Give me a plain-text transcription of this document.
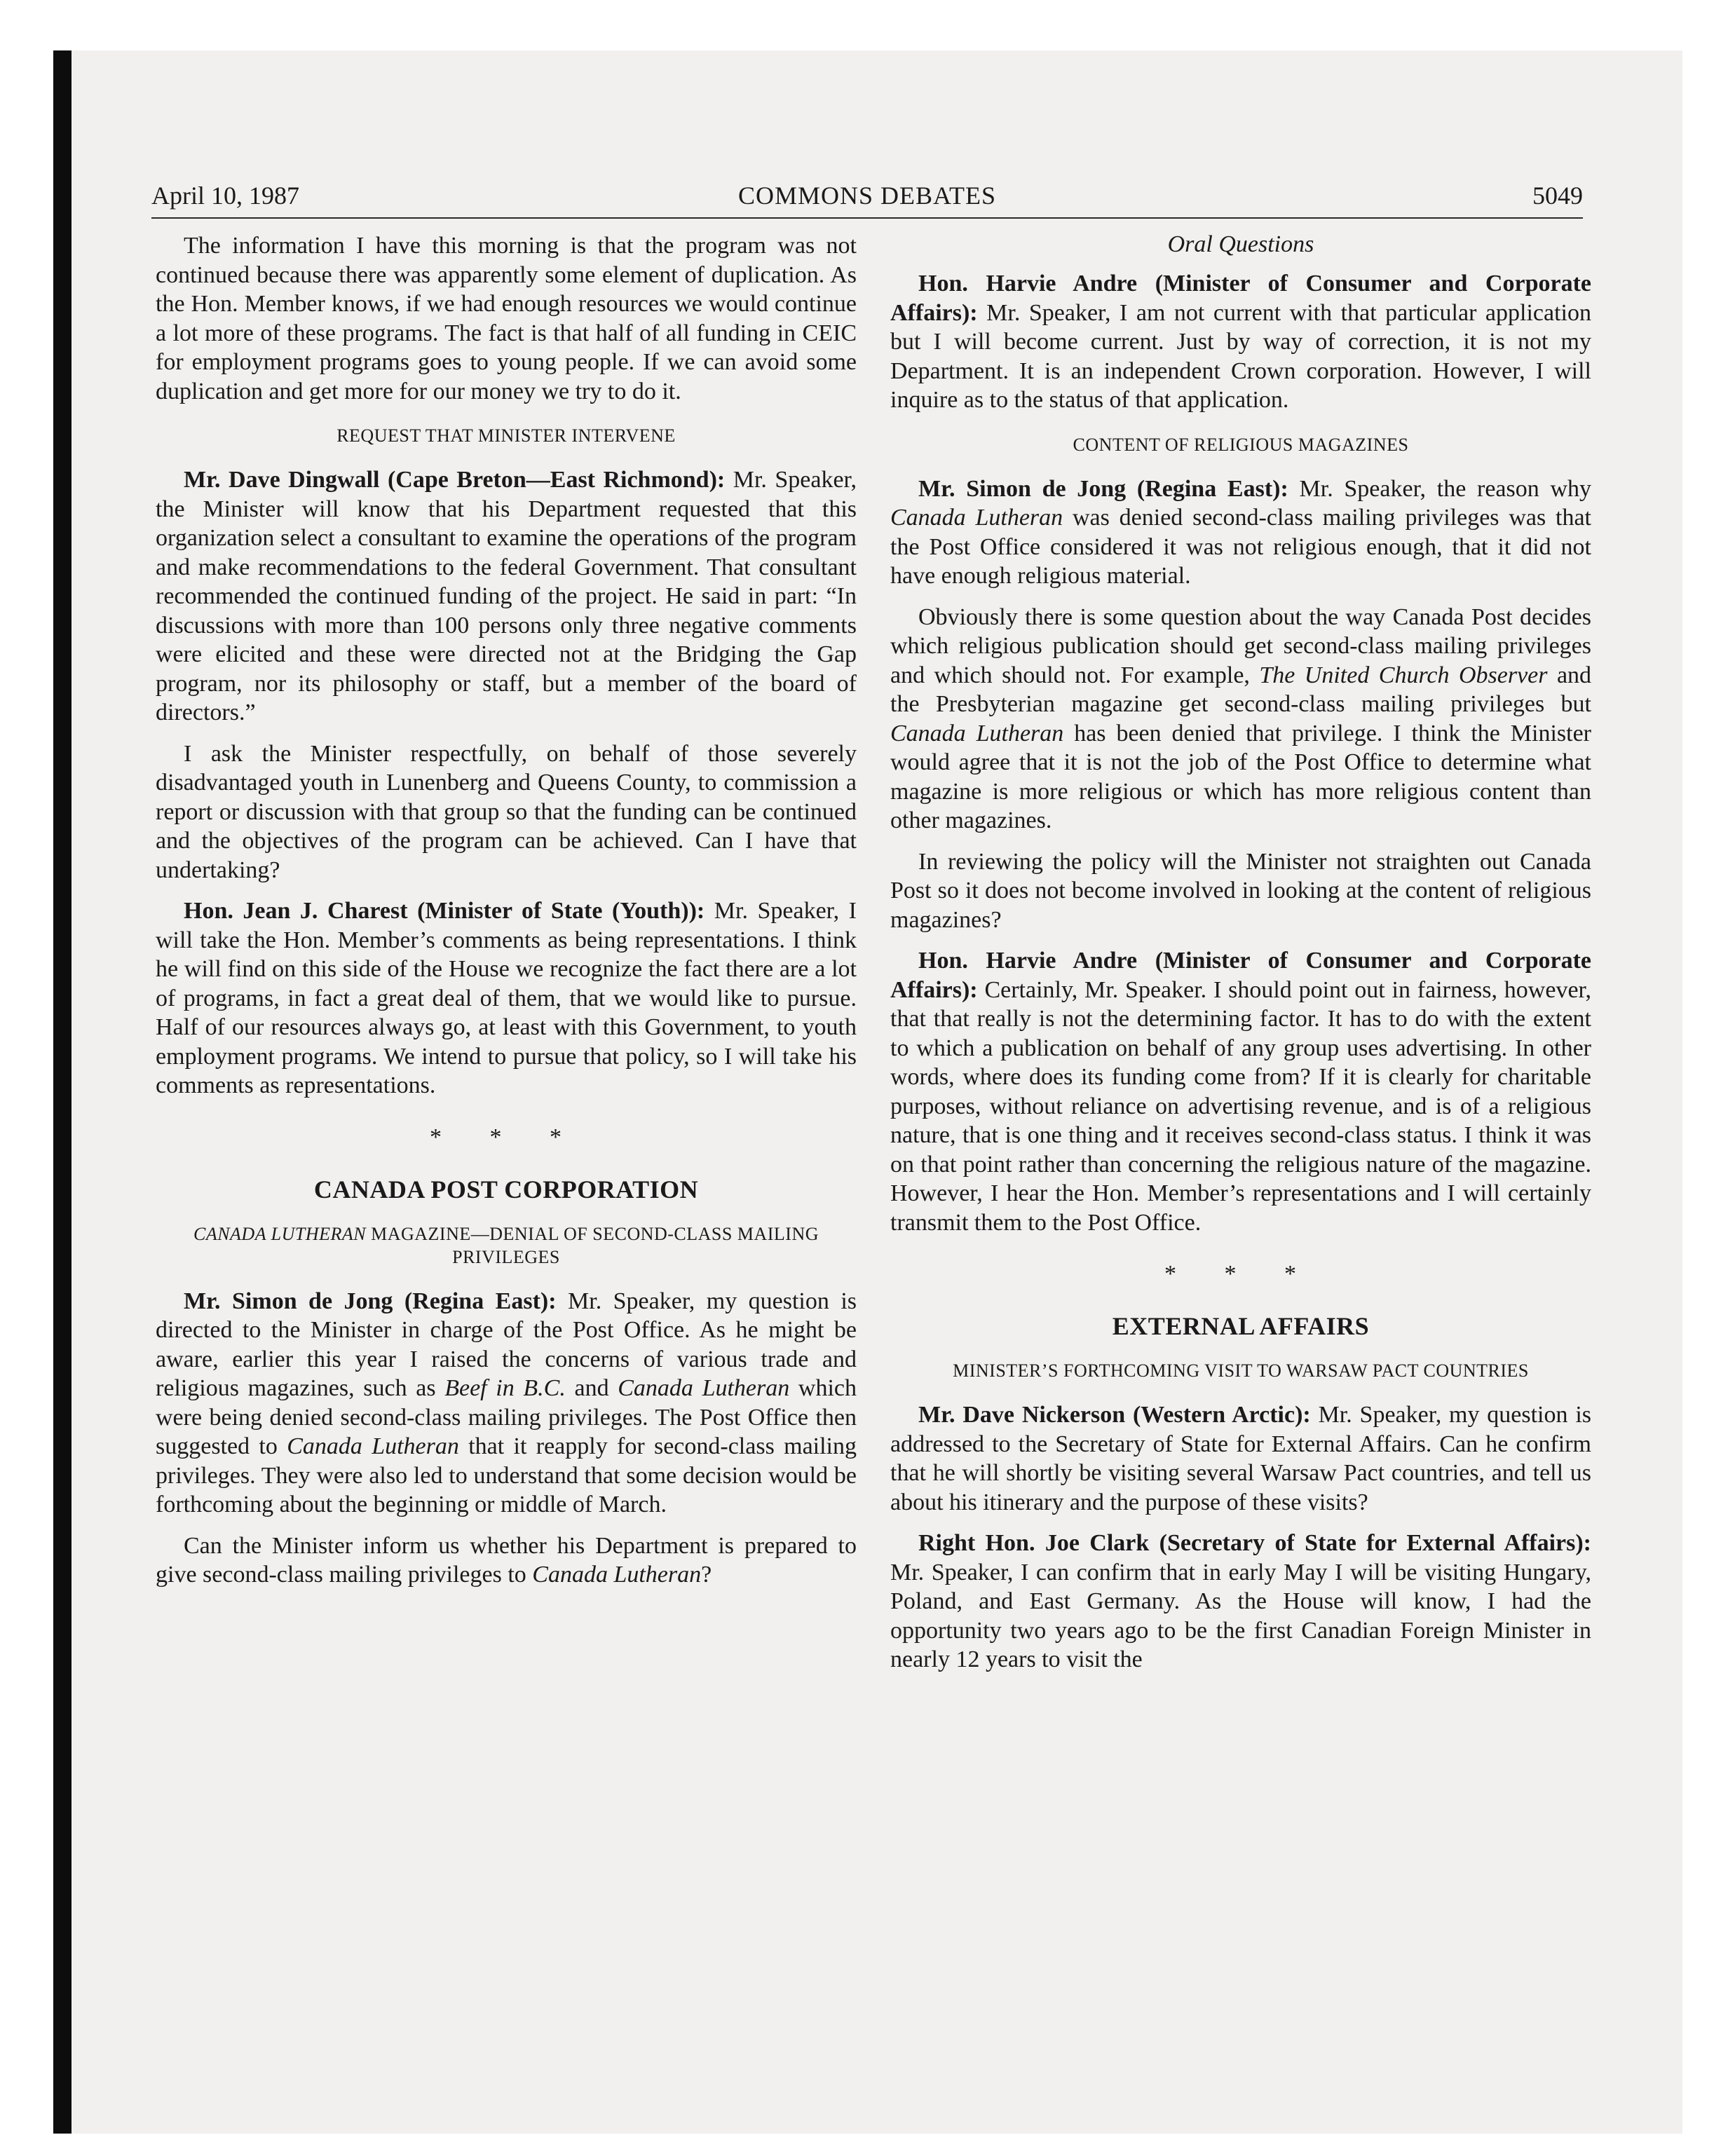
April 10, 1987	COMMONS DEBATES	5049

The information I have this morning is that the program was not continued because there was apparently some element of duplication. As the Hon. Member knows, if we had enough resources we would continue a lot more of these programs. The fact is that half of all funding in CEIC for employment programs goes to young people. If we can avoid some duplication and get more for our money we try to do it.

REQUEST THAT MINISTER INTERVENE

Mr. Dave Dingwall (Cape Breton—East Richmond): Mr. Speaker, the Minister will know that his Department requested that this organization select a consultant to examine the operations of the program and make recommendations to the federal Government. That consultant recommended the continued funding of the project. He said in part: “In discussions with more than 100 persons only three negative comments were elicited and these were directed not at the Bridging the Gap program, nor its philosophy or staff, but a member of the board of directors.”

I ask the Minister respectfully, on behalf of those severely disadvantaged youth in Lunenberg and Queens County, to commission a report or discussion with that group so that the funding can be continued and the objectives of the program can be achieved. Can I have that undertaking?

Hon. Jean J. Charest (Minister of State (Youth)): Mr. Speaker, I will take the Hon. Member’s comments as being representations. I think he will find on this side of the House we recognize the fact there are a lot of programs, in fact a great deal of them, that we would like to pursue. Half of our resources always go, at least with this Government, to youth employment programs. We intend to pursue that policy, so I will take his comments as representations.

* * *
CANADA POST CORPORATION
CANADA LUTHERAN MAGAZINE—DENIAL OF SECOND-CLASS MAILING PRIVILEGES

Mr. Simon de Jong (Regina East): Mr. Speaker, my question is directed to the Minister in charge of the Post Office. As he might be aware, earlier this year I raised the concerns of various trade and religious magazines, such as Beef in B.C. and Canada Lutheran which were being denied second-class mailing privileges. The Post Office then suggested to Canada Lutheran that it reapply for second-class mailing privileges. They were also led to understand that some decision would be forthcoming about the beginning or middle of March.

Can the Minister inform us whether his Department is prepared to give second-class mailing privileges to Canada Lutheran?

Oral Questions

Hon. Harvie Andre (Minister of Consumer and Corporate Affairs): Mr. Speaker, I am not current with that particular application but I will become current. Just by way of correction, it is not my Department. It is an independent Crown corporation. However, I will inquire as to the status of that application.

CONTENT OF RELIGIOUS MAGAZINES

Mr. Simon de Jong (Regina East): Mr. Speaker, the reason why Canada Lutheran was denied second-class mailing privileges was that the Post Office considered it was not religious enough, that it did not have enough religious material.

Obviously there is some question about the way Canada Post decides which religious publication should get second-class mailing privileges and which should not. For example, The United Church Observer and the Presbyterian magazine get second-class mailing privileges but Canada Lutheran has been denied that privilege. I think the Minister would agree that it is not the job of the Post Office to determine what magazine is more religious or which has more religious content than other magazines.

In reviewing the policy will the Minister not straighten out Canada Post so it does not become involved in looking at the content of religious magazines?

Hon. Harvie Andre (Minister of Consumer and Corporate Affairs): Certainly, Mr. Speaker. I should point out in fairness, however, that that really is not the determining factor. It has to do with the extent to which a publication on behalf of any group uses advertising. In other words, where does its funding come from? If it is clearly for charitable purposes, without reliance on advertising revenue, and is of a religious nature, that is one thing and it receives second-class status. I think it was on that point rather than concerning the religious nature of the magazine. However, I hear the Hon. Member’s representations and I will certainly transmit them to the Post Office.

* * *
EXTERNAL AFFAIRS
MINISTER’S FORTHCOMING VISIT TO WARSAW PACT COUNTRIES

Mr. Dave Nickerson (Western Arctic): Mr. Speaker, my question is addressed to the Secretary of State for External Affairs. Can he confirm that he will shortly be visiting several Warsaw Pact countries, and tell us about his itinerary and the purpose of these visits?

Right Hon. Joe Clark (Secretary of State for External Affairs): Mr. Speaker, I can confirm that in early May I will be visiting Hungary, Poland, and East Germany. As the House will know, I had the opportunity two years ago to be the first Canadian Foreign Minister in nearly 12 years to visit the
